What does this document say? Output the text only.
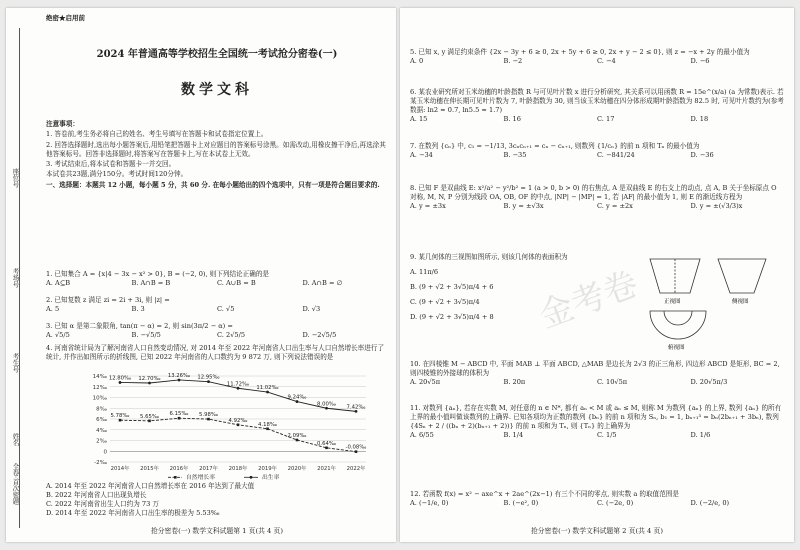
座位号
考场号
考生号
姓名
全卷·首次密题
绝密★启用前
2024 年普通高等学校招生全国统一考试抢分密卷(一)
数学文科

注意事项：

1. 答卷前,考生务必将自己的姓名、考生号填写在答题卡和试卷指定位置上。

2. 回答选择题时,选出每小题答案后,用铅笔把答题卡上对应题目的答案标号涂黑。如需改动,用橡皮擦干净后,再选涂其他答案标号。回答非选择题时,将答案写在答题卡上,写在本试卷上无效。

3. 考试结束后,将本试卷和答题卡一并交回。

本试卷共23题,满分150分。考试时间120分钟。

一、选择题：本题共 12 小题，每小题 5 分，共 60 分. 在每小题给出的四个选项中，只有一项是符合题目要求的.

1. 已知集合 A = {x|4 − 3x − x² > 0}, B = (−2, 0), 则下列结论正确的是
A. A⊆B	B. A∩B = B	C. A∪B = B	D. A∩B = ∅
2. 已知复数 z 满足 zi = 2i + 3i, 则 |z| =
A. 5	B. 3	C. √5	D. √3
3. 已知 α 是第二象限角, tan(π − α) = 2, 则 sin(3π/2 − α) =
A. √5/5	B. −√5/5	C. 2√5/5	D. −2√5/5
4. 河南省统计局为了解河南省人口自然变动情况, 对 2014 年至 2022 年河南省人口出生率与人口自然增长率进行了统计, 并作出如图所示的折线图, 已知 2022 年河南省的人口数约为 9 872 万, 则下列说法错误的是
14‰
12‰
10‰
8‰
6‰
4‰
2‰
0
-2‰
2014年 2015年 2016年 2017年 2018年 2019年 2020年 2021年 2022年
12.80‰ 12.70‰
13.26‰ 12.95‰
11.72‰
11.02‰
9.24‰
8.00‰
7.42‰
5.78‰ 5.65‰ 6.15‰ 5.98‰
4.92‰
4.18‰
2.09‰
0.64‰
-0.08‰
自然增长率	出生率
A. 2014 年至 2022 年河南省人口自然增长率在 2016 年达到了最大值
B. 2022 年河南省人口出现负增长
C. 2022 年河南省出生人口约为 73 万
D. 2014 年至 2022 年河南省人口出生率的极差为 5.53‰
抢分密卷(一) 数学文科试题第 1 页(共 4 页)
5. 已知 x, y 满足约束条件 {2x − 3y + 6 ≥ 0, 2x + 5y + 6 ≥ 0, 2x + y − 2 ≤ 0}, 则 z = −x + 2y 的最小值为
A. 0	B. −2	C. −4	D. −6
6. 某农业研究所对玉米幼穗的叶龄指数 R 与可见叶片数 x 进行分析研究, 其关系可以用函数 R = 15e^(x/a) (a 为常数)表示. 若某玉米幼穗在伸长期可见叶片数为 7, 叶龄指数为 30, 则当该玉米幼穗在四分体形成期叶龄指数为 82.5 时, 可见叶片数约为(参考数据: ln2 ≈ 0.7, ln5.5 ≈ 1.7)
A. 15	B. 16	C. 17	D. 18
7. 在数列 {cₙ} 中, c₁ = −1/13, 3cₙcₙ₊₁ = cₙ − cₙ₊₁, 则数列 {1/cₙ} 的前 n 项和 Tₙ 的最小值为
A. −34	B. −35	C. −841/24	D. −36
8. 已知 F 是双曲线 E: x²/a² − y²/b² = 1 (a > 0, b > 0) 的右焦点, A 是双曲线 E 的右支上的动点, 点 A, B 关于坐标原点 O 对称, M, N, P 分别为线段 OA, OB, OF 的中点, |NP| − |MP| = 1, 若 |AF| 的最小值为 1, 则 E 的渐近线方程为
A. y = ±3x	B. y = ±√3x	C. y = ±2x	D. y = ±(√3/3)x
9. 某几何体的三视图如图所示, 则该几何体的表面积为
A. 11π/6
B. (9 + √2 + 3√5)π/4 + 6
C. (9 + √2 + 3√5)π/4
D. (9 + √2 + 3√5)π/4 + 8
正视图	侧视图
俯视图
金考卷
10. 在四棱锥 M − ABCD 中, 平面 MAB ⊥ 平面 ABCD, △MAB 是边长为 2√3 的正三角形, 四边形 ABCD 是矩形, BC = 2, 则四棱锥的外接球的体积为
A. 20√5π	B. 20π	C. 10√5π	D. 20√5π/3
11. 对数列 {aₙ}, 若存在实数 M, 对任意的 n ∈ N*, 都有 aₙ < M 或 aₙ ≤ M, 则称 M 为数列 {aₙ} 的上界, 数列 {aₙ} 的所有上界的最小值叫做该数列的上确界. 已知各项均为正数的数列 {bₙ} 的前 n 项和为 Sₙ, b₁ = 1, bₙ₊₁³ = bₙ(2bₙ₊₁ + 3bₙ), 数列 {4Sₙ + 2 / ((bₙ + 2)(bₙ₊₁ + 2))} 的前 n 项和为 Tₙ, 则 {Tₙ} 的上确界为
A. 6/55	B. 1/4	C. 1/5	D. 1/6
12. 若函数 f(x) = x² − axe^x + 2ae^(2x−1) 有三个不同的零点, 则实数 a 的取值范围是
A. (−1/e, 0)	B. (−e², 0)	C. (−2e, 0)	D. (−2/e, 0)
抢分密卷(一) 数学文科试题第 2 页(共 4 页)
